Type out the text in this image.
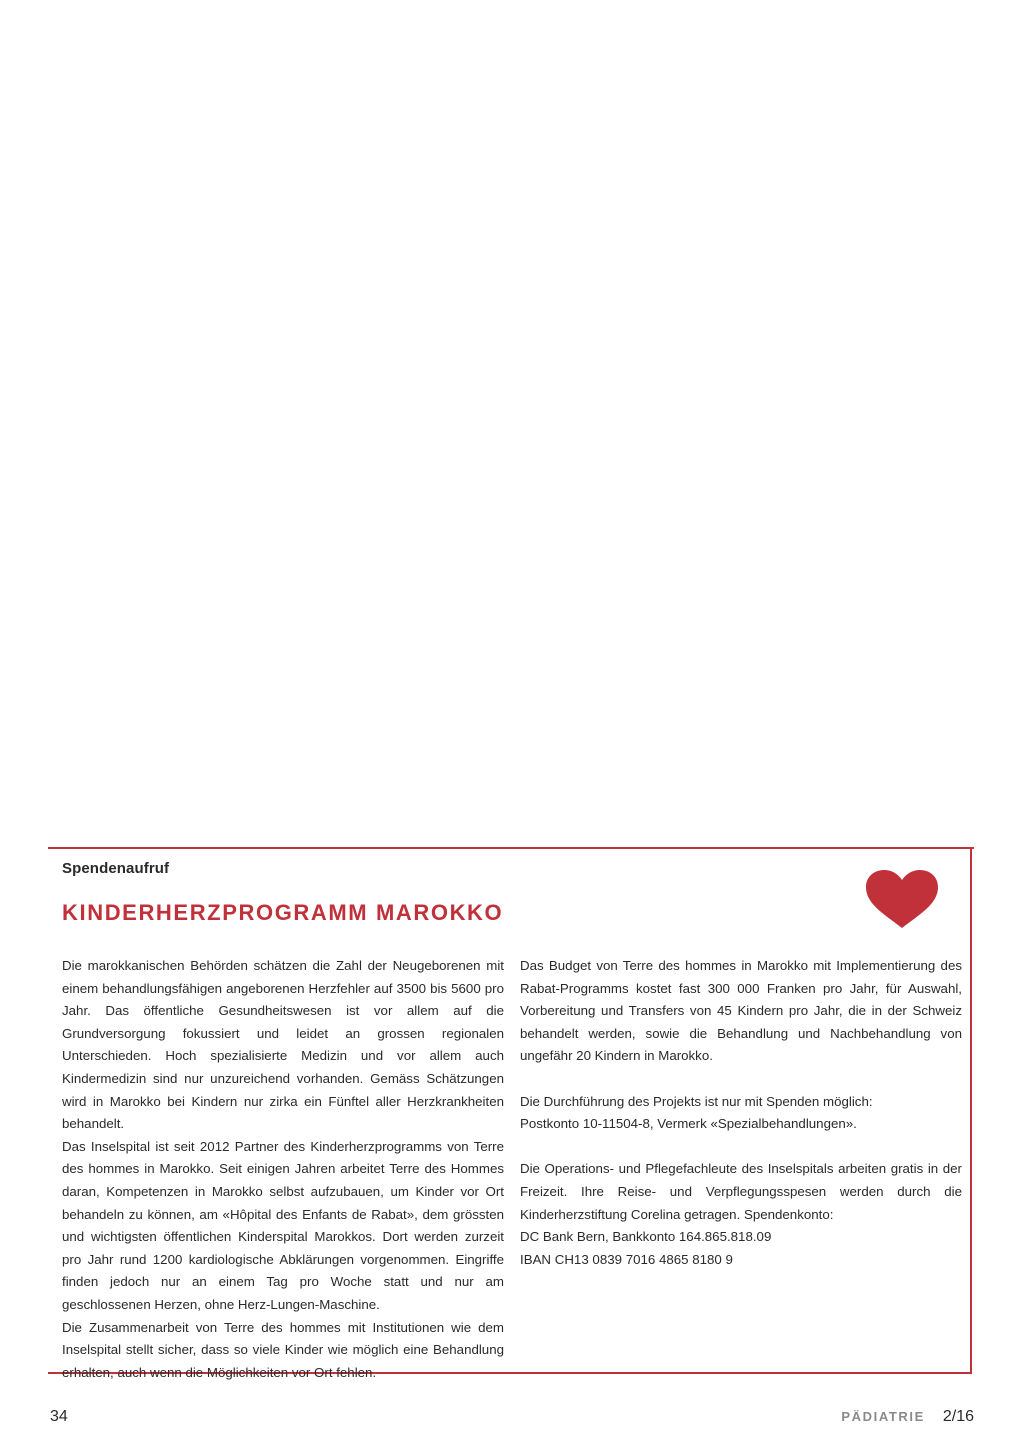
Spendenaufruf
KINDERHERZPROGRAMM MAROKKO

Die marokkanischen Behörden schätzen die Zahl der Neugeborenen mit einem behandlungsfähigen angeborenen Herzfehler auf 3500 bis 5600 pro Jahr. Das öffentliche Gesundheitswesen ist vor allem auf die Grundversorgung fokussiert und leidet an grossen regionalen Unterschieden. Hoch spezialisierte Medizin und vor allem auch Kindermedizin sind nur unzureichend vorhanden. Gemäss Schätzungen wird in Marokko bei Kindern nur zirka ein Fünftel aller Herzkrankheiten behandelt.

Das Inselspital ist seit 2012 Partner des Kinderherzprogramms von Terre des hommes in Marokko. Seit einigen Jahren arbeitet Terre des Hommes daran, Kompetenzen in Marokko selbst aufzubauen, um Kinder vor Ort behandeln zu können, am «Hôpital des Enfants de Rabat», dem grössten und wichtigsten öffentlichen Kinderspital Marokkos. Dort werden zurzeit pro Jahr rund 1200 kardiologische Abklärungen vorgenommen. Eingriffe finden jedoch nur an einem Tag pro Woche statt und nur am geschlossenen Herzen, ohne Herz-Lungen-Maschine.

Die Zusammenarbeit von Terre des hommes mit Institutionen wie dem Inselspital stellt sicher, dass so viele Kinder wie möglich eine Behandlung erhalten, auch wenn die Möglichkeiten vor Ort fehlen.

Das Budget von Terre des hommes in Marokko mit Implementierung des Rabat-Programms kostet fast 300 000 Franken pro Jahr, für Auswahl, Vorbereitung und Transfers von 45 Kindern pro Jahr, die in der Schweiz behandelt werden, sowie die Behandlung und Nachbehandlung von ungefähr 20 Kindern in Marokko.

Die Durchführung des Projekts ist nur mit Spenden möglich:

Postkonto 10-11504-8, Vermerk «Spezialbehandlungen».

Die Operations- und Pflegefachleute des Inselspitals arbeiten gratis in der Freizeit. Ihre Reise- und Verpflegungsspesen werden durch die Kinderherzstiftung Corelina getragen. Spendenkonto:

DC Bank Bern, Bankkonto 164.865.818.09

IBAN CH13 0839 7016 4865 8180 9

34	PÄDIATRIE 2/16
